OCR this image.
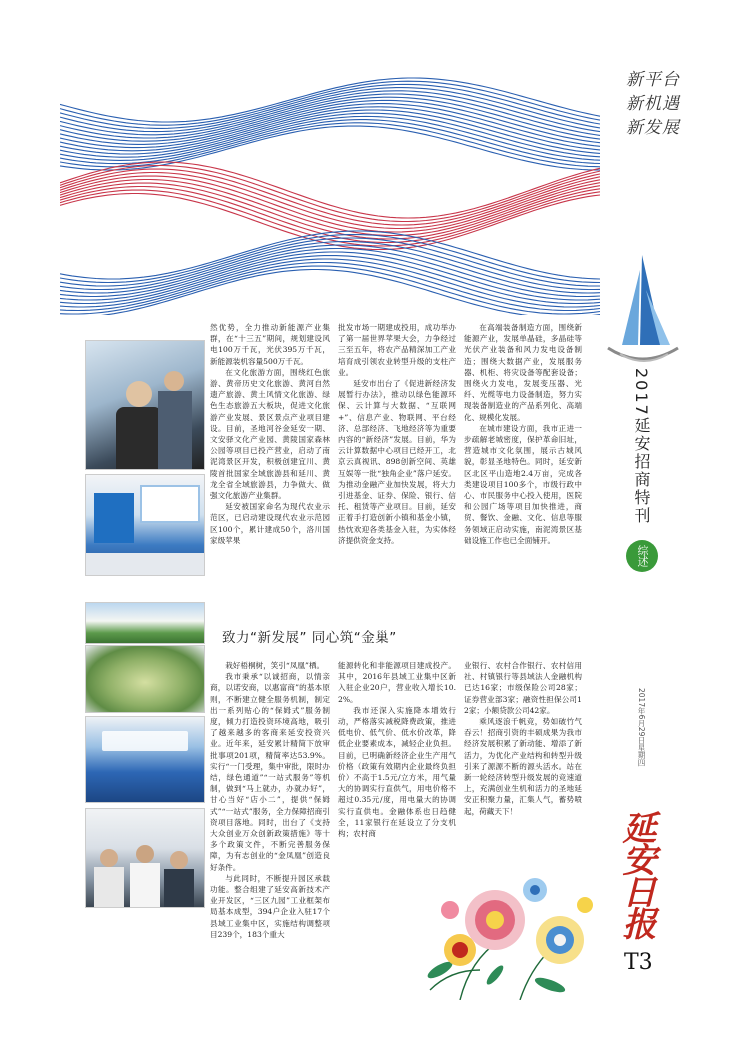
新平台
新机遇
新发展
2017延安招商特刊
综述
2017年6月29日星期四
延安日报
T3

然优势，全力推动新能源产业集群，在“十三五”期间，规划建设风电100万千瓦，光伏395万千瓦，新能源装机容量500万千瓦。

在文化旅游方面，围绕红色旅游、黄帝历史文化旅游、黄河自然遗产旅游、黄土风情文化旅游、绿色生态旅游五大板块，促进文化旅游产业发展、景区景点产业项目建设。目前，圣地河谷金延安一期、文安驿文化产业园、黄陵国家森林公园等项目已投产营业，启动了南泥湾景区开发，积极创建宜川、黄陵首批国家全域旅游县和延川、黄龙全省全域旅游县，力争做大、做强文化旅游产业集群。

延安被国家命名为现代农业示范区，已启动建设现代农业示范园区100个，累计建成50个，洛川国家级苹果

批发市场一期建成投用，成功举办了第一届世界苹果大会，力争经过三至五年，将农产品精深加工产业培育成引领农业转型升级的支柱产业。

延安市出台了《促进新经济发展暂行办法》，推动以绿色能源环保、云计算与大数据、“互联网+”、信息产业、物联网、平台经济、总部经济、飞地经济等为重要内容的“新经济”发展。目前，华为云计算数据中心项目已经开工，北京云真视讯、898创新空间、英雄互娱等一批“独角企业”落户延安。为推动金融产业加快发展，将大力引进基金、证券、保险、银行、信托、租赁等产业项目。目前，延安正着手打造创新小镇和基金小镇，热忱欢迎各类基金入驻，为实体经济提供资金支持。

在高端装备制造方面，围绕新能源产业，发展单晶硅，多晶硅等光伏产业装备和风力发电设备制造；围绕大数据产业，发展服务器、机柜、将灾设备等配套设备；围绕火力发电，发展变压器、光纤、光缆等电力设备制造，努力实现装备制造业的产品系列化、高端化、规模化发展。

在城市建设方面，我市正进一步疏解老城密度，保护革命旧址，营造城市文化氛围，展示古城风貌，彰显圣地特色。同时，延安新区北区平山造地2.4万亩，完成各类建设项目100多个，市级行政中心、市民服务中心投入使用，医院和公园广场等项目加快推进，商贸、餐饮、金融、文化、信息等服务领域正启动实施，南泥湾景区基础设施工作也已全面铺开。

致力“新发展” 同心筑“金巢”

栽好梧桐树，笑引“凤凰”栖。

我市秉承“以诚招商，以情亲商，以诺安商，以惠富商”的基本原则，不断建立健全服务机制，制定出一系列贴心的“保姆式”服务制度，倾力打造投资环境高地，吸引了越来越多的客商来延安投资兴业。近年来，延安累计精简下放审批事项201项，精简率达53.9%。实行“一门受理，集中审批，限时办结，绿色通道”“一站式服务”等机制，做到“马上就办，办就办好”，甘心当好“店小二”，提供“保姆式”“一站式”服务，全力保障招商引资项目落地。同时，出台了《支持大众创业万众创新政策措施》等十多个政策文件，不断完善服务保障，为有志创业的“金凤凰”创造良好条件。

与此同时，不断提升园区承载功能。整合组建了延安高新技术产业开发区，“三区九园”工业框架布局基本成型，394户企业入驻17个县域工业集中区，实施结构调整项目239个，183个重大

能源转化和非能源项目建成投产。其中，2016年县域工业集中区新入驻企业20户，营业收入增长10.2%。

我市还深入实施降本增效行动，严格落实减税降费政策，推进低电价、低气价、低水价改革，降低企业要素成本，减轻企业负担。目前，已明确新经济企业生产用气价格（政策有效期内企业最终负担价）不高于1.5元/立方米，用气量大的协调实行直供气，用电价格不超过0.35元/度，用电量大的协调实行直供电。金融体系也日趋健全，11家银行在延设立了分支机构；农村商

业银行、农村合作银行、农村信用社、村镇银行等县域法人金融机构已达16家；市级保险公司28家；证券营业部3家；融资性担保公司12家；小额贷款公司42家。

乘风逐浪千帆竞，势如破竹气吞云！招商引资的丰硕成果为我市经济发展积累了新动能、增添了新活力，为优化产业结构和转型升级引来了源源不断的源头活水。站在新一轮经济转型升级发展的竞速道上，充满创业生机和活力的圣地延安正积聚力量，汇集人气，蓄势喷起，荷藏天下！
